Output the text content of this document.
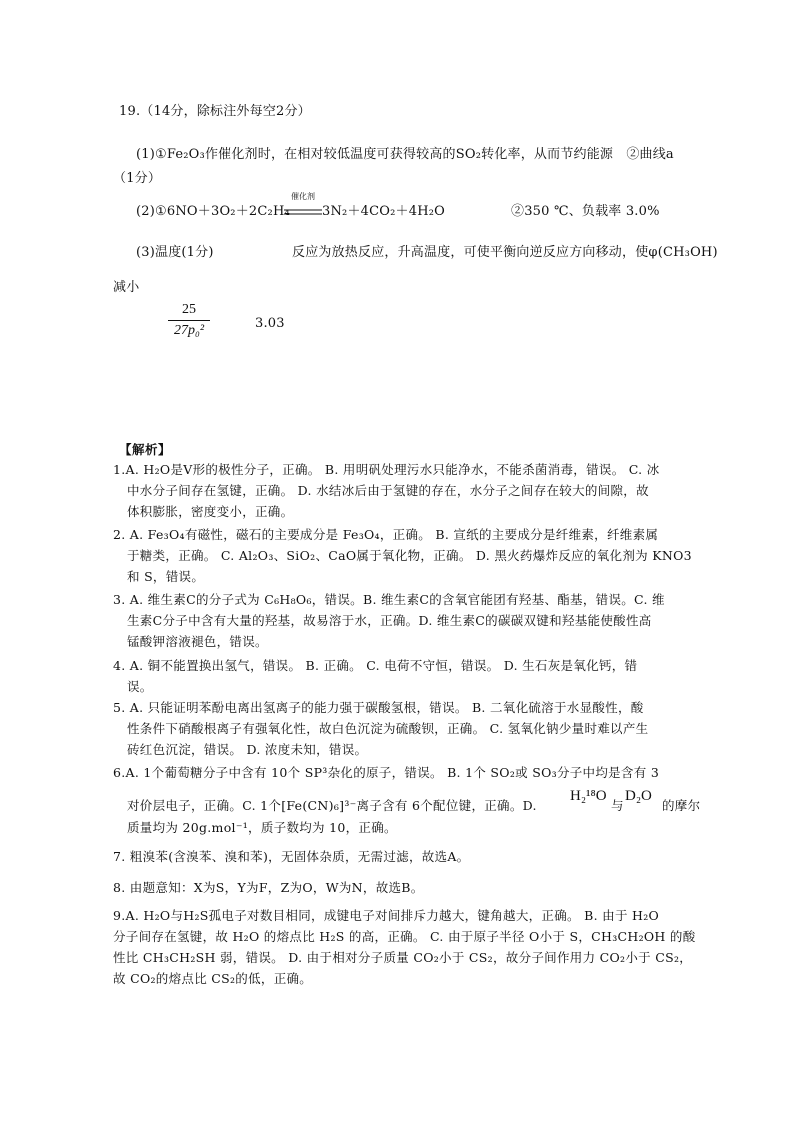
19.（14分，除标注外每空2分）
(1)①Fe₂O₃作催化剂时，在相对较低温度可获得较高的SO₂转化率，从而节约能源　②曲线a
（1分）
(2)①6NO＋3O₂＋2C₂H₄
催化剂
3N₂＋4CO₂＋4H₂O	②350 ℃、负载率 3.0%
(3)温度(1分)	反应为放热反应，升高温度，可使平衡向逆反应方向移动，使φ(CH₃OH)
减小
25
27p₀²	3.03
【解析】
1.A. H₂O是V形的极性分子，正确。 B. 用明矾处理污水只能净水，不能杀菌消毒，错误。 C. 冰
中水分子间存在氢键，正确。 D. 水结冰后由于氢键的存在，水分子之间存在较大的间隙，故
体积膨胀，密度变小，正确。
2. A. Fe₃O₄有磁性，磁石的主要成分是 Fe₃O₄，正确。 B. 宣纸的主要成分是纤维素，纤维素属
于糖类，正确。 C. Al₂O₃、SiO₂、CaO属于氧化物，正确。 D. 黑火药爆炸反应的氧化剂为 KNO3
和 S，错误。
3. A. 维生素C的分子式为 C₆H₈O₆，错误。B. 维生素C的含氧官能团有羟基、酯基，错误。C. 维
生素C分子中含有大量的羟基，故易溶于水，正确。D. 维生素C的碳碳双键和羟基能使酸性高
锰酸钾溶液褪色，错误。
4. A. 铜不能置换出氢气，错误。 B. 正确。 C. 电荷不守恒，错误。 D. 生石灰是氧化钙，错
误。
5. A. 只能证明苯酚电离出氢离子的能力强于碳酸氢根，错误。 B. 二氧化硫溶于水显酸性，酸
性条件下硝酸根离子有强氧化性，故白色沉淀为硫酸钡，正确。 C. 氢氧化钠少量时难以产生
砖红色沉淀，错误。 D. 浓度未知，错误。
6.A. 1个葡萄糖分子中含有 10个 SP³杂化的原子，错误。 B. 1个 SO₂或 SO₃分子中均是含有 3
对价层电子，正确。C. 1个[Fe(CN)₆]³⁻离子含有 6个配位键，正确。D.
H₂¹⁸O
与
D₂O
的摩尔
质量均为 20g.mol⁻¹，质子数均为 10，正确。
7. 粗溴苯(含溴苯、溴和苯)，无固体杂质，无需过滤，故选A。
8. 由题意知：X为S，Y为F，Z为O，W为N，故选B。
9.A. H₂O与H₂S孤电子对数目相同，成键电子对间排斥力越大，键角越大，正确。 B. 由于 H₂O
分子间存在氢键，故 H₂O 的熔点比 H₂S 的高，正确。 C. 由于原子半径 O小于 S，CH₃CH₂OH 的酸
性比 CH₃CH₂SH 弱，错误。 D. 由于相对分子质量 CO₂小于 CS₂，故分子间作用力 CO₂小于 CS₂，
故 CO₂的熔点比 CS₂的低，正确。
